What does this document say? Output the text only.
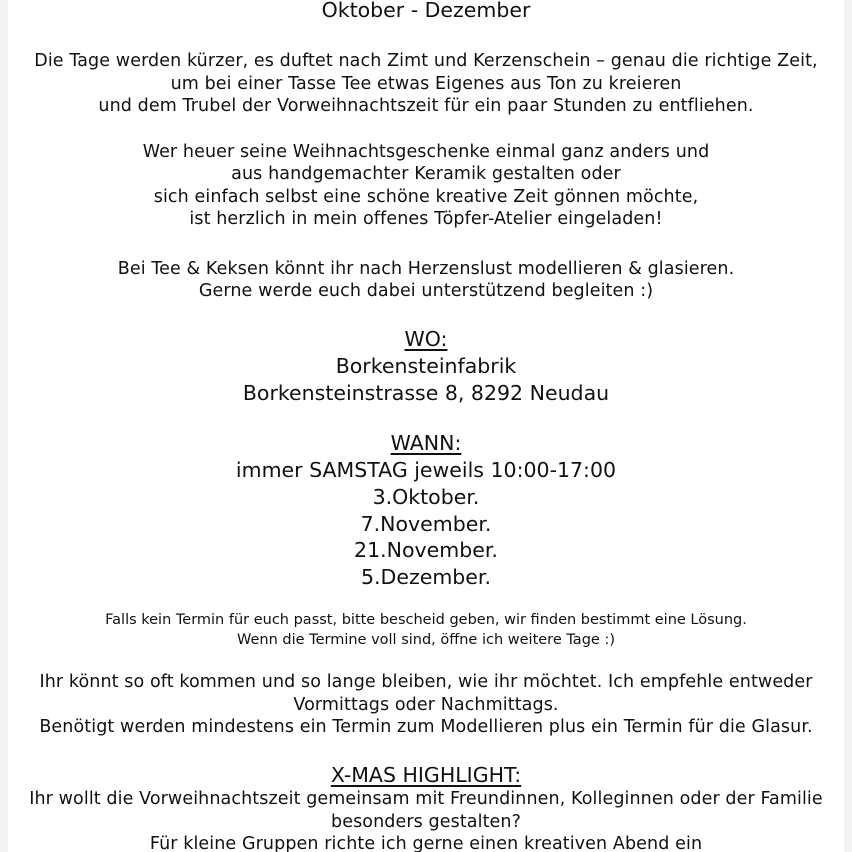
Oktober - Dezember
Die Tage werden kürzer, es duftet nach Zimt und Kerzenschein – genau die richtige Zeit,
um bei einer Tasse Tee etwas Eigenes aus Ton zu kreieren
und dem Trubel der Vorweihnachtszeit für ein paar Stunden zu entfliehen.
Wer heuer seine Weihnachtsgeschenke einmal ganz anders und
aus handgemachter Keramik gestalten oder
sich einfach selbst eine schöne kreative Zeit gönnen möchte,
ist herzlich in mein offenes Töpfer-Atelier eingeladen!
Bei Tee & Keksen könnt ihr nach Herzenslust modellieren & glasieren.
Gerne werde euch dabei unterstützend begleiten :)
WO:
Borkensteinfabrik
Borkensteinstrasse 8, 8292 Neudau
WANN:
immer SAMSTAG jeweils 10:00-17:00
3.Oktober.
7.November.
21.November.
5.Dezember.
Falls kein Termin für euch passt, bitte bescheid geben, wir finden bestimmt eine Lösung.
Wenn die Termine voll sind, öffne ich weitere Tage :)
Ihr könnt so oft kommen und so lange bleiben, wie ihr möchtet. Ich empfehle entweder
Vormittags oder Nachmittags.
Benötigt werden mindestens ein Termin zum Modellieren plus ein Termin für die Glasur.
X-MAS HIGHLIGHT:
Ihr wollt die Vorweihnachtszeit gemeinsam mit Freundinnen, Kolleginnen oder der Familie
besonders gestalten?
Für kleine Gruppen richte ich gerne einen kreativen Abend ein
